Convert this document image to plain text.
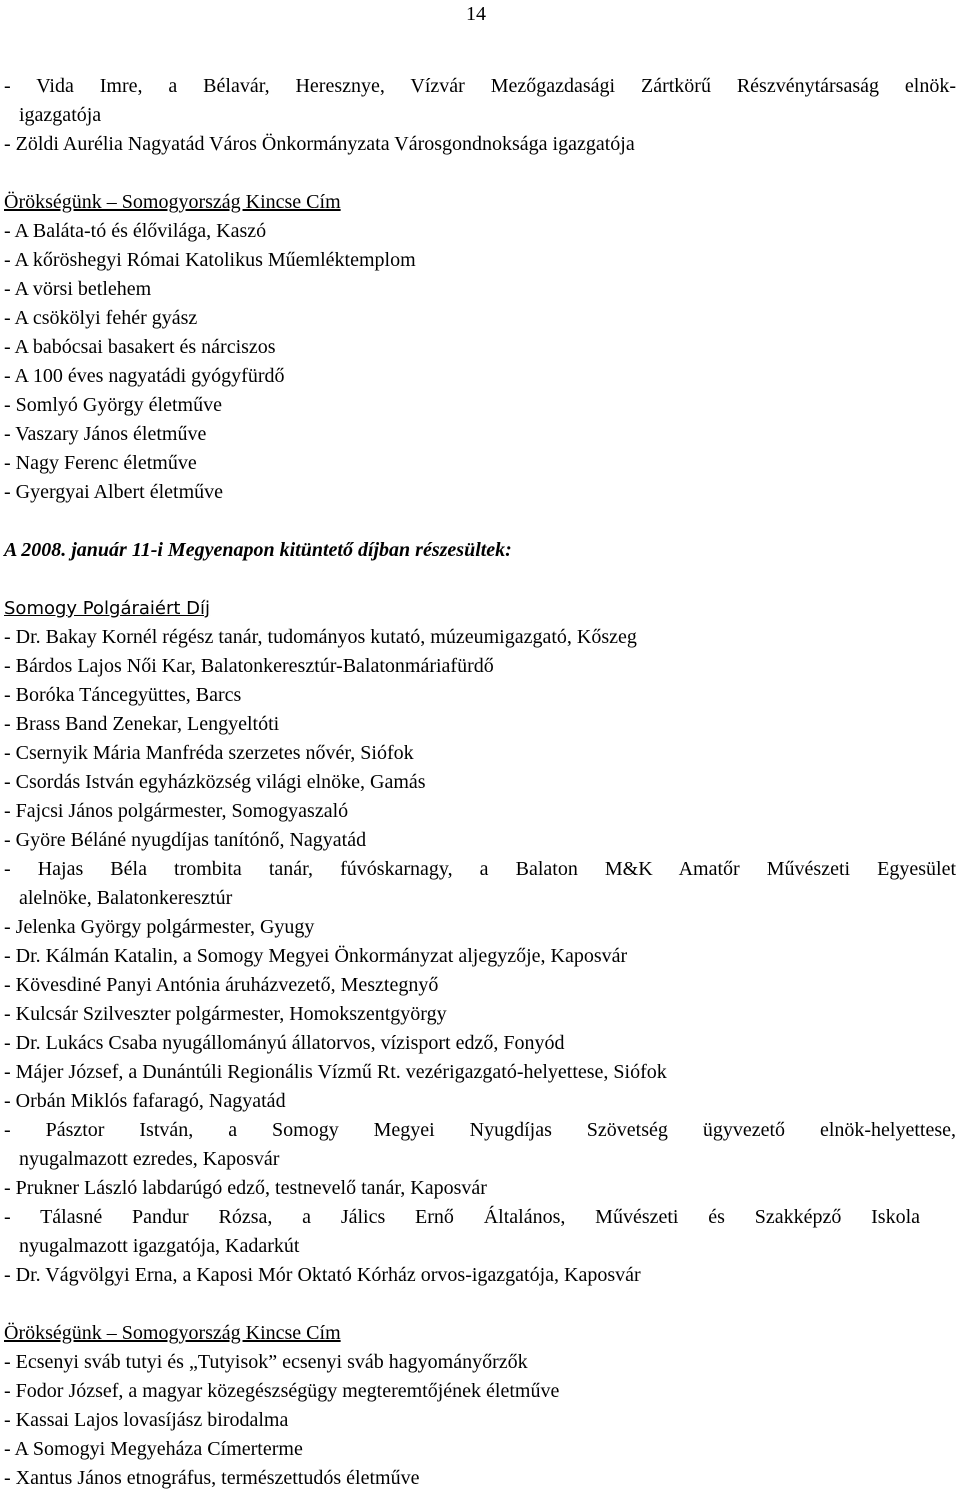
14
- Vida Imre, a Bélavár, Heresznye, Vízvár Mezőgazdasági Zártkörű Részvénytársaság elnök-
igazgatója
- Zöldi Aurélia Nagyatád Város Önkormányzata Városgondnoksága igazgatója
Örökségünk – Somogyország Kincse Cím
- A Baláta-tó és élővilága, Kaszó
- A kőröshegyi Római Katolikus Műemléktemplom
- A vörsi betlehem
- A csökölyi fehér gyász
- A babócsai basakert és nárciszos
- A 100 éves nagyatádi gyógyfürdő
- Somlyó György életműve
- Vaszary János életműve
- Nagy Ferenc életműve
- Gyergyai Albert életműve
A 2008. január 11-i Megyenapon kitüntető díjban részesültek:
Somogy Polgáraiért Díj
- Dr. Bakay Kornél régész tanár, tudományos kutató, múzeumigazgató, Kőszeg
- Bárdos Lajos Női Kar, Balatonkeresztúr-Balatonmáriafürdő
- Boróka Táncegyüttes, Barcs
- Brass Band Zenekar, Lengyeltóti
- Csernyik Mária Manfréda szerzetes nővér, Siófok
- Csordás István egyházközség világi elnöke, Gamás
- Fajcsi János polgármester, Somogyaszaló
- Györe Béláné nyugdíjas tanítónő, Nagyatád
- Hajas Béla trombita tanár, fúvóskarnagy, a Balaton M&K Amatőr Művészeti Egyesület
alelnöke, Balatonkeresztúr
- Jelenka György polgármester, Gyugy
- Dr. Kálmán Katalin, a Somogy Megyei Önkormányzat aljegyzője, Kaposvár
- Kövesdiné Panyi Antónia áruházvezető, Mesztegnyő
- Kulcsár Szilveszter polgármester, Homokszentgyörgy
- Dr. Lukács Csaba nyugállományú állatorvos, vízisport edző, Fonyód
- Májer József, a Dunántúli Regionális Vízmű Rt. vezérigazgató-helyettese, Siófok
- Orbán Miklós fafaragó, Nagyatád
- Pásztor István, a Somogy Megyei Nyugdíjas Szövetség ügyvezető elnök-helyettese,
nyugalmazott ezredes, Kaposvár
- Prukner László labdarúgó edző, testnevelő tanár, Kaposvár
- Tálasné Pandur Rózsa, a Jálics Ernő Általános, Művészeti és Szakképző Iskola
nyugalmazott igazgatója, Kadarkút
- Dr. Vágvölgyi Erna, a Kaposi Mór Oktató Kórház orvos-igazgatója, Kaposvár
Örökségünk – Somogyország Kincse Cím
- Ecsenyi sváb tutyi és „Tutyisok” ecsenyi sváb hagyományőrzők
- Fodor József, a magyar közegészségügy megteremtőjének életműve
- Kassai Lajos lovasíjász birodalma
- A Somogyi Megyeháza Címerterme
- Xantus János etnográfus, természettudós életműve
